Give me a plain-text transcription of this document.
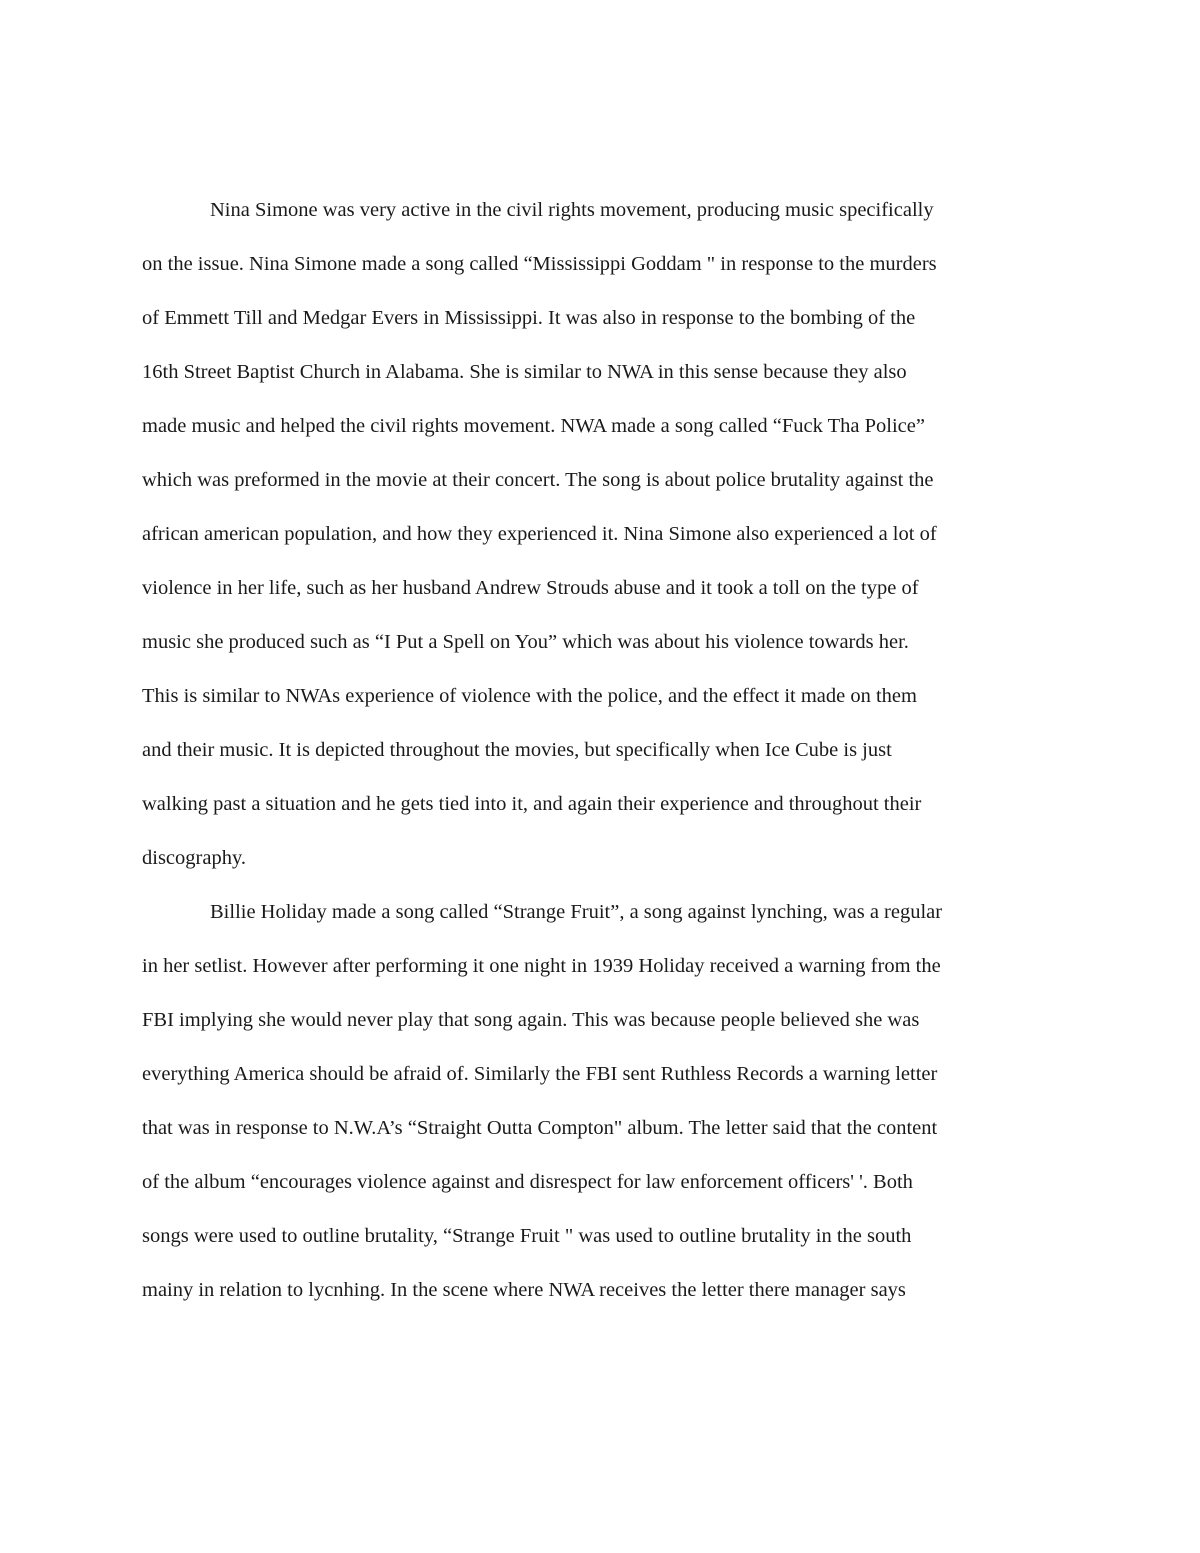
Nina Simone was very active in the civil rights movement, producing music specifically
on the issue. Nina Simone made a song called “Mississippi Goddam " in response to the murders
of Emmett Till and Medgar Evers in Mississippi. It was also in response to the bombing of the
16th Street Baptist Church in Alabama. She is similar to NWA in this sense because they also
made music and helped the civil rights movement. NWA made a song called “Fuck Tha Police”
which was preformed in the movie at their concert. The song is about police brutality against the
african american population, and how they experienced it. Nina Simone also experienced a lot of
violence in her life, such as her husband Andrew Strouds abuse and it took a toll on the type of
music she produced such as “I Put a Spell on You” which was about his violence towards her.
This is similar to NWAs experience of violence with the police, and the effect it made on them
and their music. It is depicted throughout the movies, but specifically when Ice Cube is just
walking past a situation and he gets tied into it, and again their experience and throughout their
discography.
Billie Holiday made a song called “Strange Fruit”, a song against lynching, was a regular
in her setlist. However after performing it one night in 1939 Holiday received a warning from the
FBI implying she would never play that song again. This was because people believed she was
everything America should be afraid of. Similarly the FBI sent Ruthless Records a warning letter
that was in response to N.W.A’s “Straight Outta Compton" album. The letter said that the content
of the album “encourages violence against and disrespect for law enforcement officers' '. Both
songs were used to outline brutality, “Strange Fruit " was used to outline brutality in the south
mainy in relation to lycnhing. In the scene where NWA receives the letter there manager says
